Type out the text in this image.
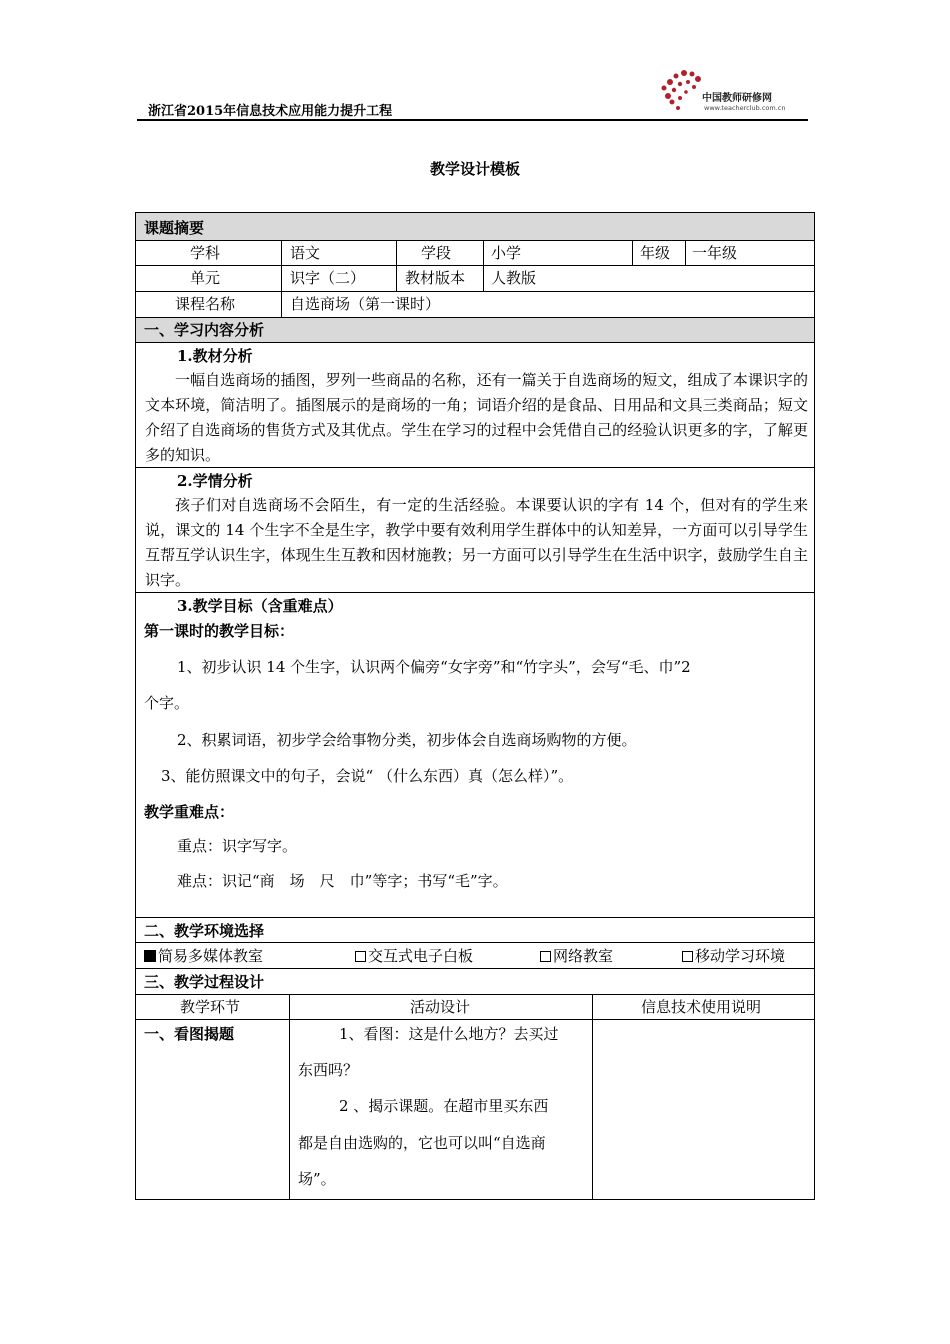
浙江省2015年信息技术应用能力提升工程
中国教师研修网
www.teacherclub.com.cn
教学设计模板
课题摘要
学科	语文	学段	小学	年级 一年级
单元	识字（二）	教材版本 人教版
课程名称	自选商场（第一课时）
一、学习内容分析
1.教材分析
一幅自选商场的插图，罗列一些商品的名称，还有一篇关于自选商场的短文，组成了本课识字的文本环境，简洁明了。插图展示的是商场的一角；词语介绍的是食品、日用品和文具三类商品；短文介绍了自选商场的售货方式及其优点。学生在学习的过程中会凭借自己的经验认识更多的字，了解更多的知识。
2.学情分析
孩子们对自选商场不会陌生，有一定的生活经验。本课要认识的字有 14 个，但对有的学生来说，课文的 14 个生字不全是生字，教学中要有效利用学生群体中的认知差异，一方面可以引导学生互帮互学认识生字，体现生生互教和因材施教；另一方面可以引导学生在生活中识字，鼓励学生自主识字。
3.教学目标（含重难点）
第一课时的教学目标：
1、初步认识 14 个生字，认识两个偏旁“女字旁”和“竹字头”，会写“毛、巾”2
个字。
2、积累词语，初步学会给事物分类，初步体会自选商场购物的方便。
3、能仿照课文中的句子，会说“ （什么东西）真（怎么样）”。
教学重难点：
重点：识字写字。
难点：识记“商　场　尺　巾”等字；书写“毛”字。
二、教学环境选择
简易多媒体教室	交互式电子白板	网络教室	移动学习环境
三、教学过程设计
教学环节	活动设计	信息技术使用说明
一、看图揭题	1、看图：这是什么地方？去买过
东西吗？
2 、揭示课题。在超市里买东西
都是自由选购的，它也可以叫“自选商
场”。
